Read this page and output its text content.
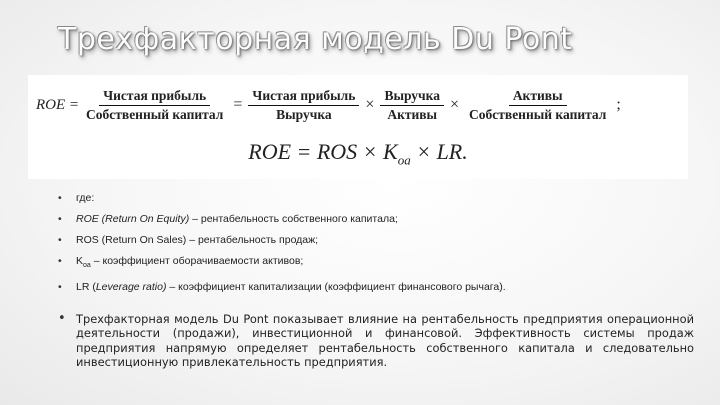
Трехфакторная модель Du Pont
ROE = $\frac{\text{Чистая прибыль}}{\text{Собственный капитал}} = \frac{\text{Чистая прибыль}}{\text{Выручка}} \times \frac{\text{Выручка}}{\text{Активы}} \times \frac{\text{Активы}}{\text{Собственный капитал}}$ ;
ROE = ROS × $K_{oa}$ × LR.
• где:
• ROE (Return On Equity) – рентабельность собственного капитала;
• ROS (Return On Sales) – рентабельность продаж;
• $K_{оа}$ – коэффициент оборачиваемости активов;
• LR (Leverage ratio) – коэффициент капитализации (коэффициент финансового рычага).

• Трехфакторная модель Du Pont показывает влияние на рентабельность предприятия операционной деятельности (продажи), инвестиционной и финансовой. Эффективность системы продаж предприятия напрямую определяет рентабельность собственного капитала и следовательно инвестиционную привлекательность предприятия.
